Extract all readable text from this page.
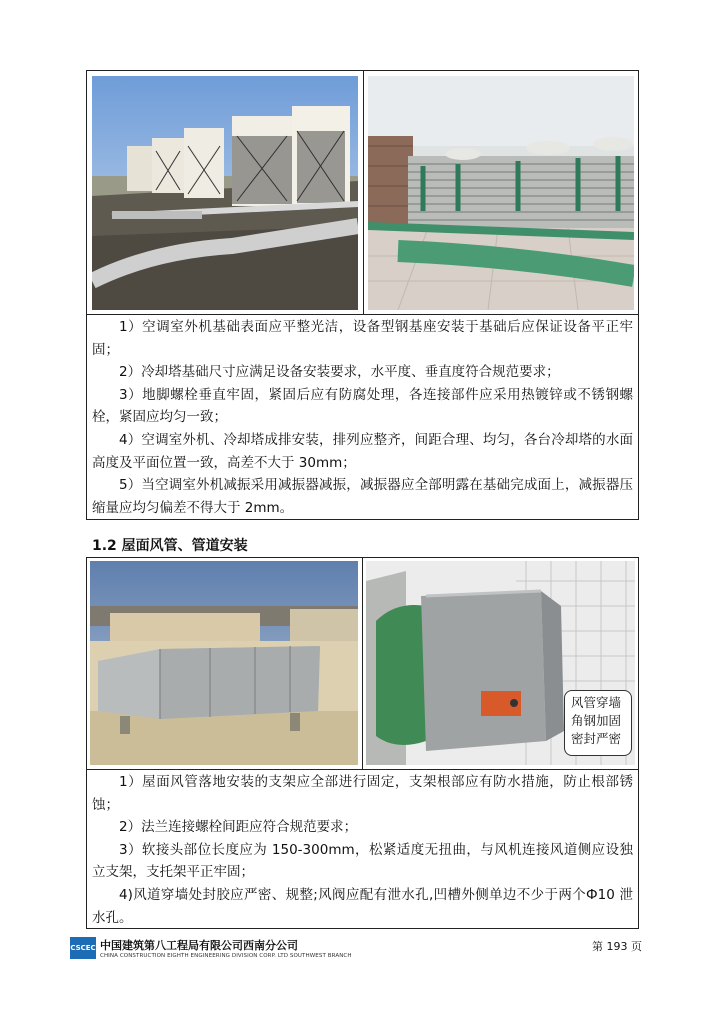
1）空调室外机基础表面应平整光洁，设备型钢基座安装于基础后应保证设备平正牢固；

2）冷却塔基础尺寸应满足设备安装要求，水平度、垂直度符合规范要求；

3）地脚螺栓垂直牢固，紧固后应有防腐处理，各连接部件应采用热镀锌或不锈钢螺栓，紧固应均匀一致；

4）空调室外机、冷却塔成排安装，排列应整齐，间距合理、均匀，各台冷却塔的水面高度及平面位置一致，高差不大于 30mm；

5）当空调室外机减振采用减振器减振，减振器应全部明露在基础完成面上，减振器压缩量应均匀偏差不得大于 2mm。

1.2 屋面风管、管道安装
风管穿墙角钢加固密封严密

1）屋面风管落地安装的支架应全部进行固定，支架根部应有防水措施，防止根部锈蚀；

2）法兰连接螺栓间距应符合规范要求；

3）软接头部位长度应为 150-300mm，松紧适度无扭曲，与风机连接风道侧应设独立支架，支托架平正牢固；

4)风道穿墙处封胶应严密、规整;风阀应配有泄水孔,凹槽外侧单边不少于两个Ф10 泄水孔。

CSCEC 中国建筑第八工程局有限公司西南分公司
CHINA CONSTRUCTION EIGHTH ENGINEERING DIVISION CORP. LTD SOUTHWEST BRANCH
第 193 页
